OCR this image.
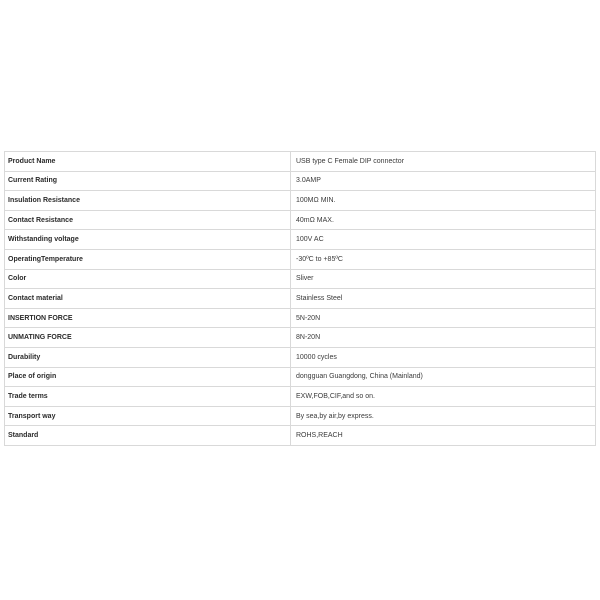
Product Name	USB type C Female DIP connector
Current Rating	3.0AMP
Insulation Resistance	100MΩ MIN.
Contact Resistance	40mΩ MAX.
Withstanding voltage	100V AC
OperatingTemperature	-30ºC to +85ºC
Color	Sliver
Contact material	Stainless Steel
INSERTION FORCE	5N-20N
UNMATING FORCE	8N-20N
Durability	10000 cycles
Place of origin	dongguan Guangdong, China (Mainland)
Trade terms	EXW,FOB,CIF,and so on.
Transport way	By sea,by air,by express.
Standard	ROHS,REACH
